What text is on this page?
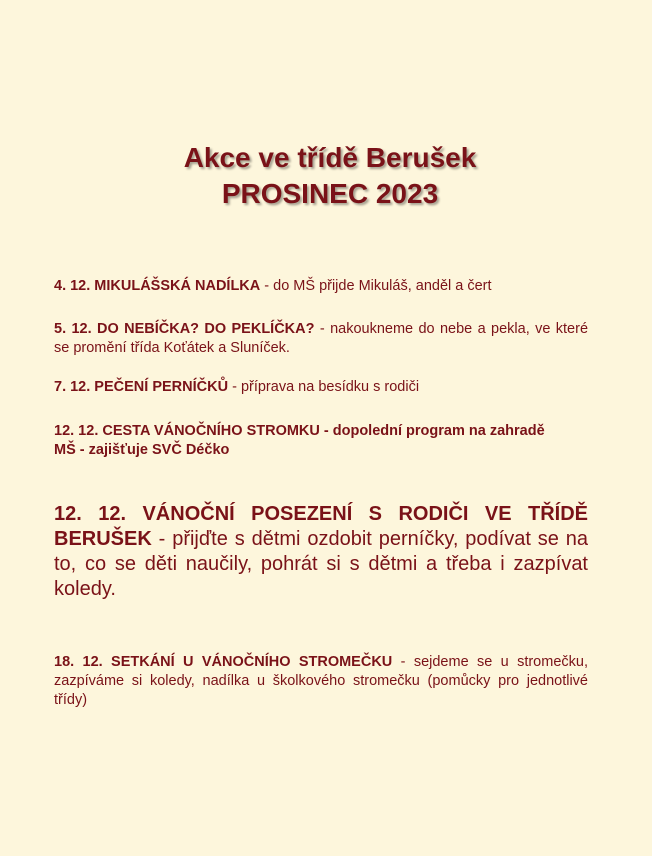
Akce ve třídě Berušek
PROSINEC 2023
4. 12. MIKULÁŠSKÁ NADÍLKA - do MŠ přijde Mikuláš, anděl a čert
5. 12. DO NEBÍČKA? DO PEKLÍČKA? - nakoukneme do nebe a pekla, ve které se promění třída Koťátek a Sluníček.
7. 12. PEČENÍ PERNÍČKŮ - příprava na besídku s rodiči
12. 12. CESTA VÁNOČNÍHO STROMKU - dopolední program na zahradě MŠ - zajišťuje SVČ Déčko
12. 12. VÁNOČNÍ POSEZENÍ S RODIČI VE TŘÍDĚ BERUŠEK - přijďte s dětmi ozdobit perníčky, podívat se na to, co se děti naučily, pohrát si s dětmi a třeba i zazpívat koledy.
18. 12. SETKÁNÍ U VÁNOČNÍHO STROMEČKU - sejdeme se u stromečku, zazpíváme si koledy, nadílka u školkového stromečku (pomůcky pro jednotlivé třídy)
